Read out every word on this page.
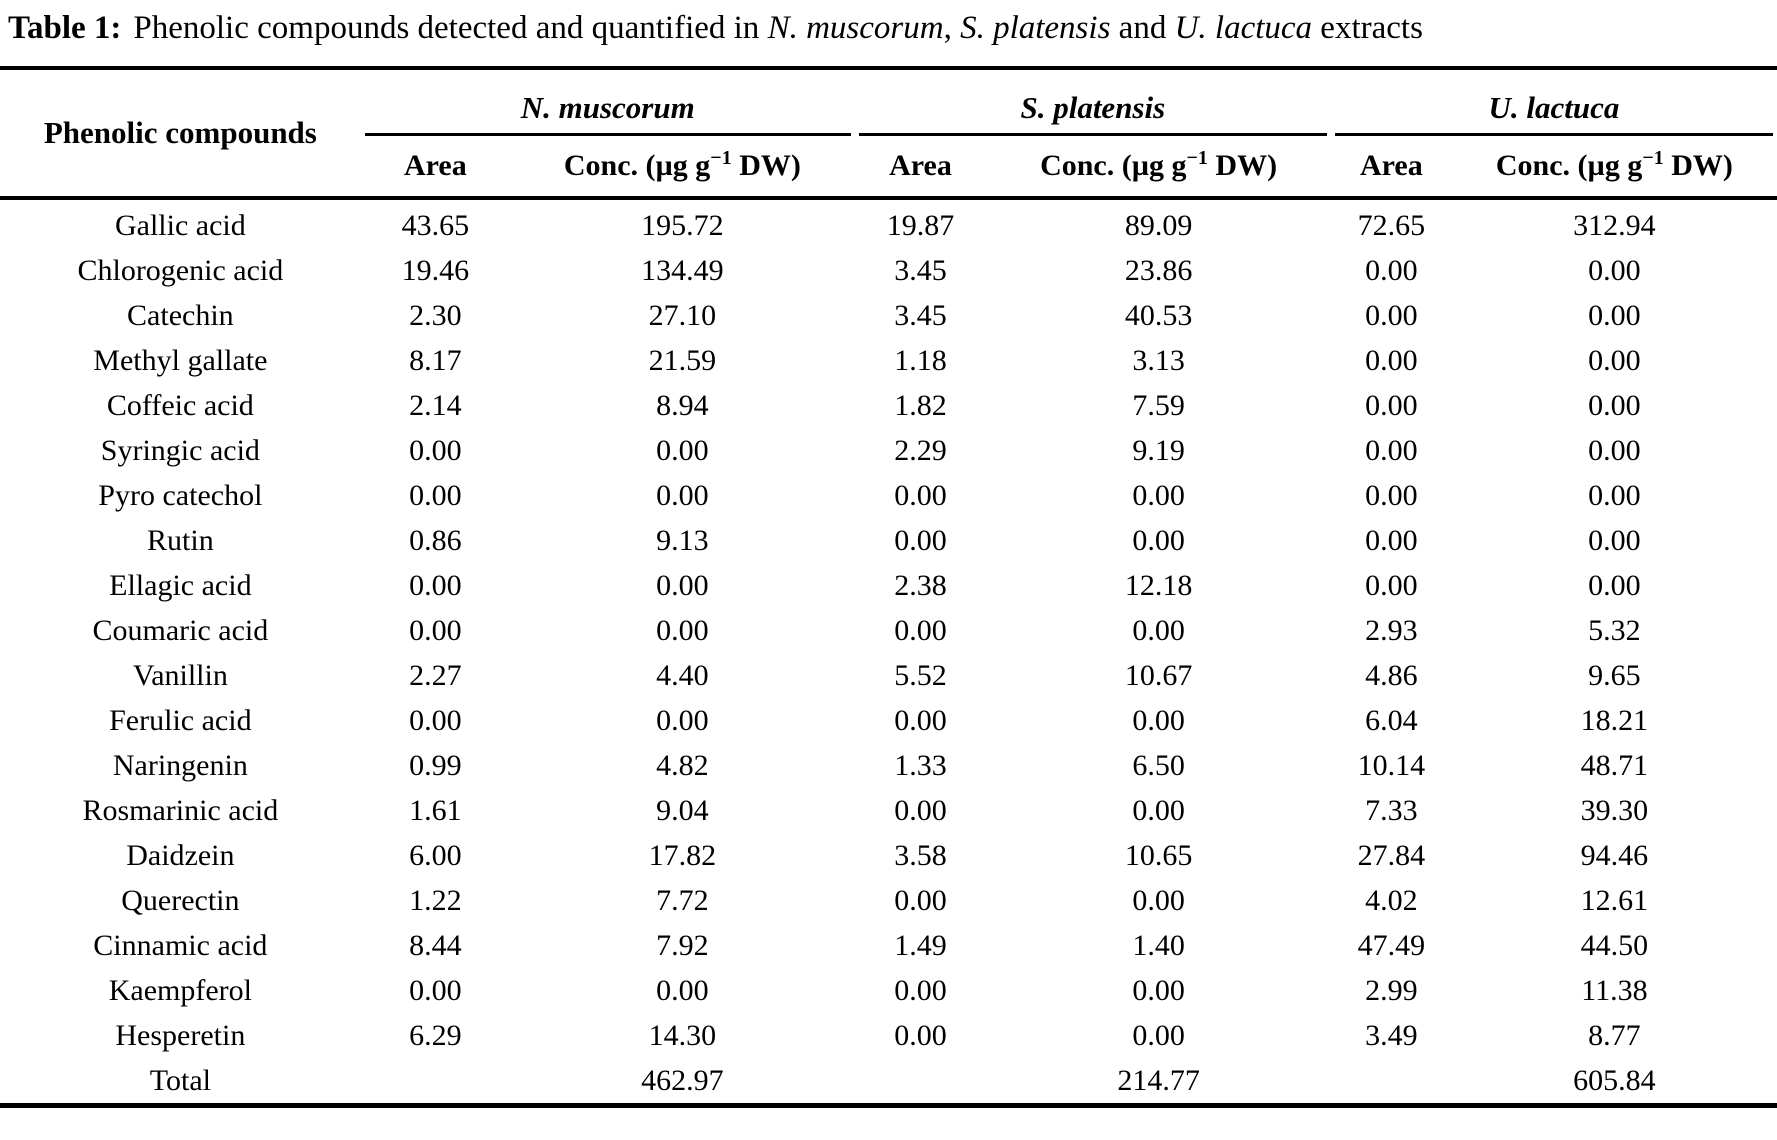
Table 1: Phenolic compounds detected and quantified in N. muscorum, S. platensis and U. lactuca extracts
Phenolic compounds	N. muscorum		S. platensis		U. lactuca	

	Area	Conc. (µg $g^{-1}$ DW)	Area	Conc. (µg $g^{-1}$ DW)	Area	Conc. (µg $g^{-1}$ DW)
Gallic acid	43.65	195.72	19.87	89.09	72.65	312.94
Chlorogenic acid	19.46	134.49	3.45	23.86	0.00	0.00
Catechin	2.30	27.10	3.45	40.53	0.00	0.00
Methyl gallate	8.17	21.59	1.18	3.13	0.00	0.00
Coffeic acid	2.14	8.94	1.82	7.59	0.00	0.00
Syringic acid	0.00	0.00	2.29	9.19	0.00	0.00
Pyro catechol	0.00	0.00	0.00	0.00	0.00	0.00
Rutin	0.86	9.13	0.00	0.00	0.00	0.00
Ellagic acid	0.00	0.00	2.38	12.18	0.00	0.00
Coumaric acid	0.00	0.00	0.00	0.00	2.93	5.32
Vanillin	2.27	4.40	5.52	10.67	4.86	9.65
Ferulic acid	0.00	0.00	0.00	0.00	6.04	18.21
Naringenin	0.99	4.82	1.33	6.50	10.14	48.71
Rosmarinic acid	1.61	9.04	0.00	0.00	7.33	39.30
Daidzein	6.00	17.82	3.58	10.65	27.84	94.46
Querectin	1.22	7.72	0.00	0.00	4.02	12.61
Cinnamic acid	8.44	7.92	1.49	1.40	47.49	44.50
Kaempferol	0.00	0.00	0.00	0.00	2.99	11.38
Hesperetin	6.29	14.30	0.00	0.00	3.49	8.77
Total		462.97		214.77		605.84
